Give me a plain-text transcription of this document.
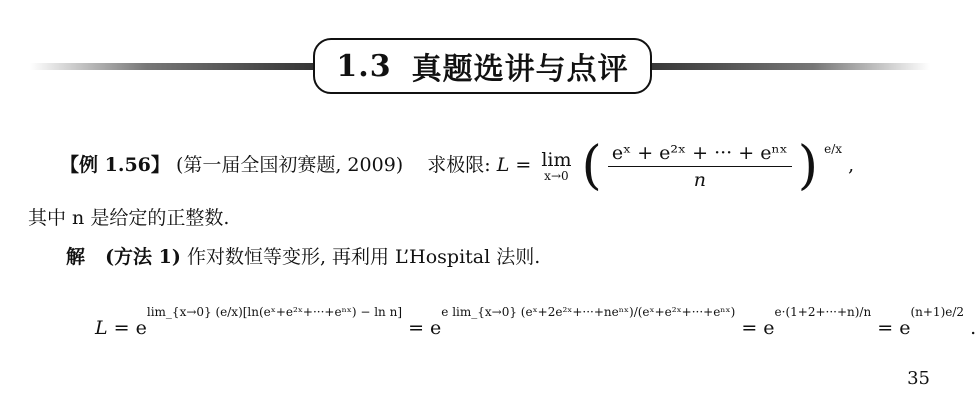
1.3 真题选讲与点评
【例 1.56】 (第一届全国初赛题, 2009) 求极限: L = lim
x→0 ( $\frac{\text{eˣ + e²ˣ + ··· + eⁿˣ}}{n}$ ) $^{e/x}$ ,
其中 n 是给定的正整数.
解 (方法 1) 作对数恒等变形, 再利用 L’Hospital 法则.
$L = e^{lim\_\{x\to 0\} (e/x)[ln(eˣ+e^2ˣ+\cdot\cdot\cdot+e^nˣ) - ln n]} = e^{e lim\_\{x\to 0\} (eˣ+2e^2ˣ+\cdot\cdot\cdot+ne^nˣ)/(eˣ+e^2ˣ+\cdot\cdot\cdot+e^nˣ)} = e^{e\cdot(1+2+\cdot\cdot\cdot+n)/n} = e^{(n+1)e/2}$ .
35
